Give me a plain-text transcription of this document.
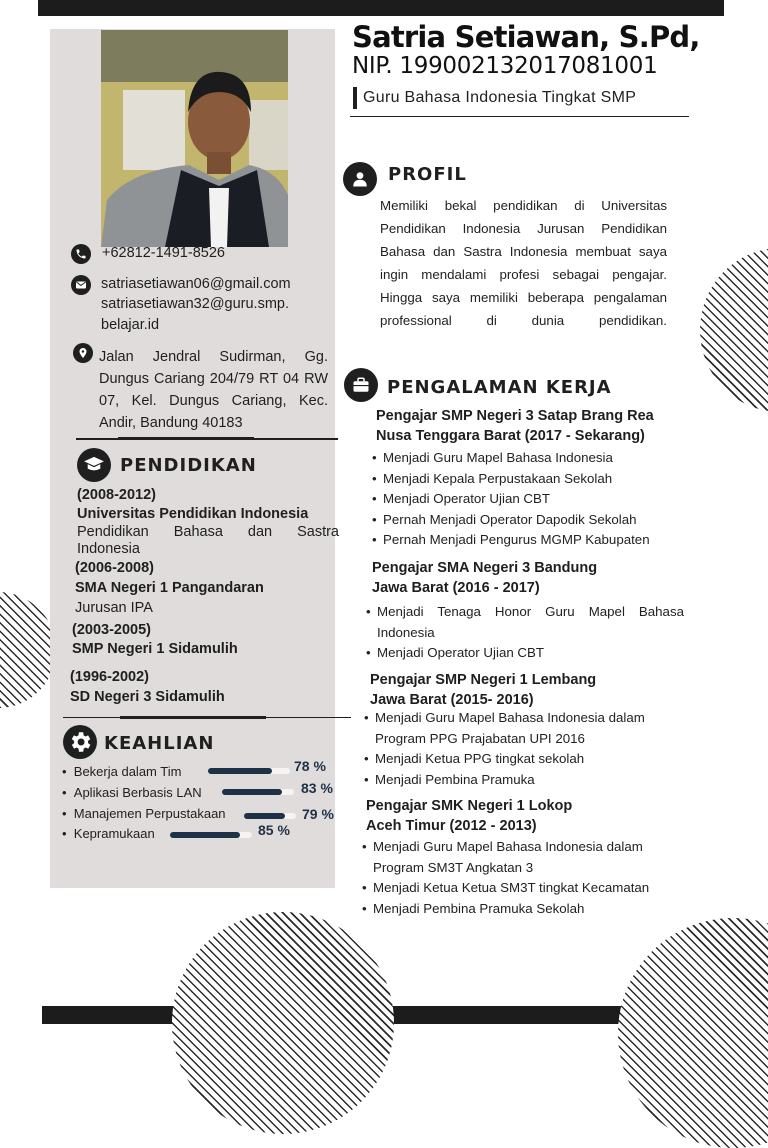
+62812-1491-8526
satriasetiawan06@gmail.com
satriasetiawan32@guru.smp.
belajar.id
Jalan Jendral Sudirman, Gg. Dungus Cariang 204/79 RT 04 RW 07, Kel. Dungus Cariang, Kec. Andir, Bandung 40183
PENDIDIKAN
(2008-2012)
Universitas Pendidikan Indonesia
Pendidikan Bahasa dan Sastra Indonesia
(2006-2008)
SMA Negeri 1 Pangandaran
Jurusan IPA
(2003-2005)
SMP Negeri 1 Sidamulih
(1996-2002)
SD Negeri 3 Sidamulih
KEAHLIAN
•  Bekerja dalam Tim	78 %
•  Aplikasi Berbasis LAN	83 %
•  Manajemen Perpustakaan	79 %
•  Kepramukaan	85 %
Satria Setiawan, S.Pd,
NIP. 199002132017081001
Guru Bahasa Indonesia Tingkat SMP
PROFIL
Memiliki bekal pendidikan di Universitas Pendidikan Indonesia Jurusan Pendidikan Bahasa dan Sastra Indonesia membuat saya ingin mendalami profesi sebagai pengajar. Hingga saya memiliki beberapa pengalaman professional di dunia pendidikan.
PENGALAMAN KERJA
Pengajar SMP Negeri 3 Satap Brang Rea
Nusa Tenggara Barat (2017 - Sekarang)
• Menjadi Guru Mapel Bahasa Indonesia
• Menjadi Kepala Perpustakaan Sekolah
• Menjadi Operator Ujian CBT
• Pernah Menjadi Operator Dapodik Sekolah
• Pernah Menjadi Pengurus MGMP Kabupaten
Pengajar SMA Negeri 3 Bandung
Jawa Barat (2016 - 2017)
• Menjadi Tenaga Honor Guru Mapel Bahasa Indonesia
• Menjadi Operator Ujian CBT
Pengajar SMP Negeri 1 Lembang
Jawa Barat (2015- 2016)
• Menjadi Guru Mapel Bahasa Indonesia dalam Program PPG Prajabatan UPI 2016
• Menjadi Ketua PPG tingkat sekolah
• Menjadi Pembina Pramuka
Pengajar SMK Negeri 1 Lokop
Aceh Timur (2012 - 2013)
• Menjadi Guru Mapel Bahasa Indonesia dalam Program SM3T Angkatan 3
• Menjadi Ketua Ketua SM3T tingkat Kecamatan
• Menjadi Pembina Pramuka Sekolah
